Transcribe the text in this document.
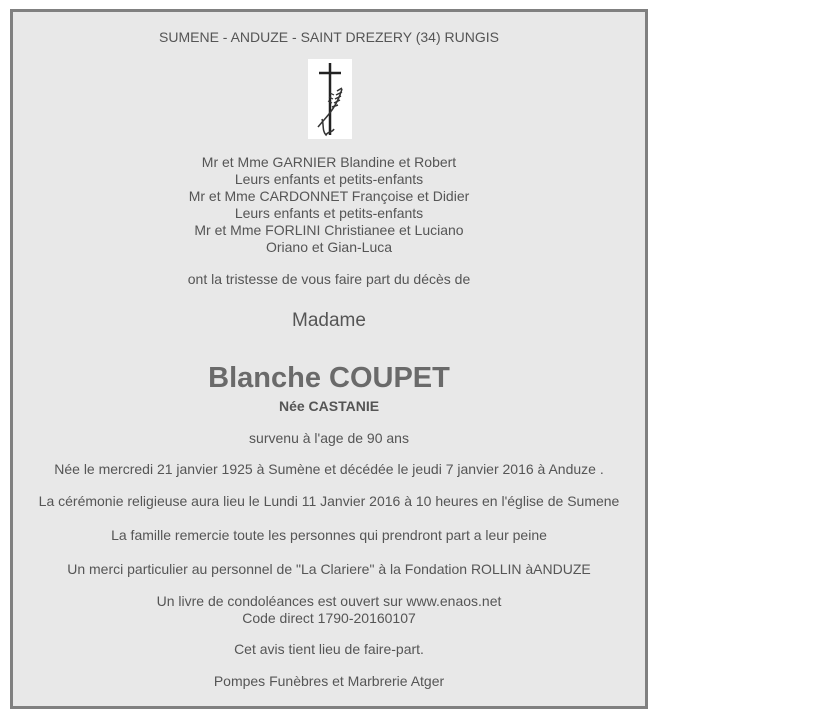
SUMENE - ANDUZE - SAINT DREZERY (34) RUNGIS
Mr et Mme GARNIER Blandine et Robert
Leurs enfants et petits-enfants
Mr et Mme CARDONNET Françoise et Didier
Leurs enfants et petits-enfants
Mr et Mme FORLINI Christianee et Luciano
Oriano et Gian-Luca
ont la tristesse de vous faire part du décès de
Madame
Blanche COUPET
Née CASTANIE
survenu à l'age de 90 ans
Née le mercredi 21 janvier 1925 à Sumène et décédée le jeudi 7 janvier 2016 à Anduze .
La cérémonie religieuse aura lieu le Lundi 11 Janvier 2016 à 10 heures en l'église de Sumene
La famille remercie toute les personnes qui prendront part a leur peine
Un merci particulier au personnel de "La Clariere" à la Fondation ROLLIN àANDUZE
Un livre de condoléances est ouvert sur www.enaos.net
Code direct 1790-20160107
Cet avis tient lieu de faire-part.
Pompes Funèbres et Marbrerie Atger
